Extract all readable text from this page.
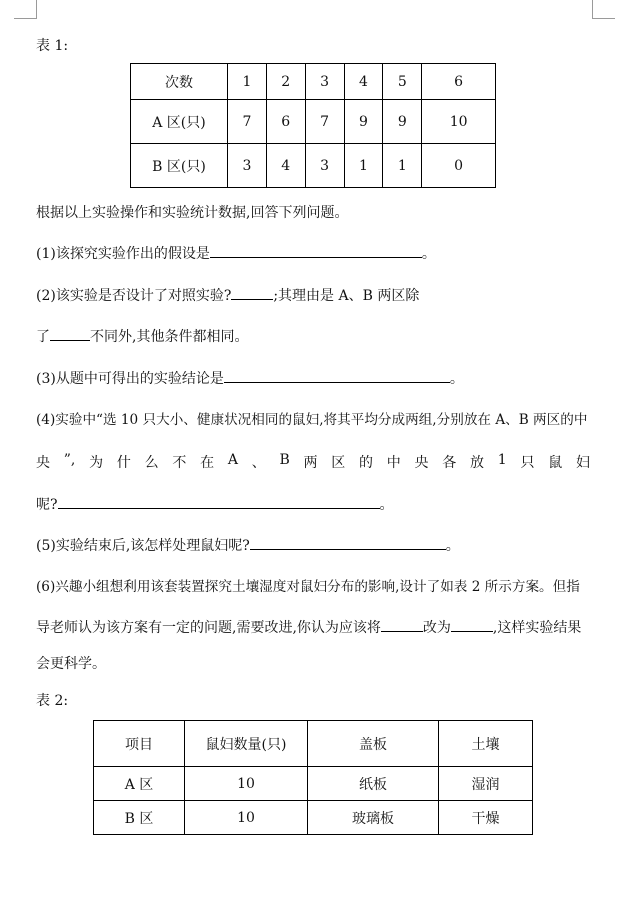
表 1:
次数	1	2	3	4	5	6
A 区(只)	7	6	7	9	9	10
B 区(只)	3	4	3	1	1	0
根据以上实验操作和实验统计数据,回答下列问题。
(1)该探究实验作出的假设是	。
(2)该实验是否设计了对照实验?	;其理由是 A、B 两区除
了	不同外,其他条件都相同。
(3)从题中可得出的实验结论是	。
(4)实验中“选 10 只大小、健康状况相同的鼠妇,将其平均分成两组,分别放在 A、B 两区的中
央 ”, 为 什 么 不 在 A 、 B 两 区 的 中 央 各 放 1 只 鼠 妇
呢?	。
(5)实验结束后,该怎样处理鼠妇呢?	。
(6)兴趣小组想利用该套装置探究土壤湿度对鼠妇分布的影响,设计了如表 2 所示方案。但指
导老师认为该方案有一定的问题,需要改进,你认为应该将	改为	,这样实验结果
会更科学。
表 2:
项目	鼠妇数量(只)	盖板	土壤
A 区	10	纸板	湿润
B 区	10	玻璃板	干燥
